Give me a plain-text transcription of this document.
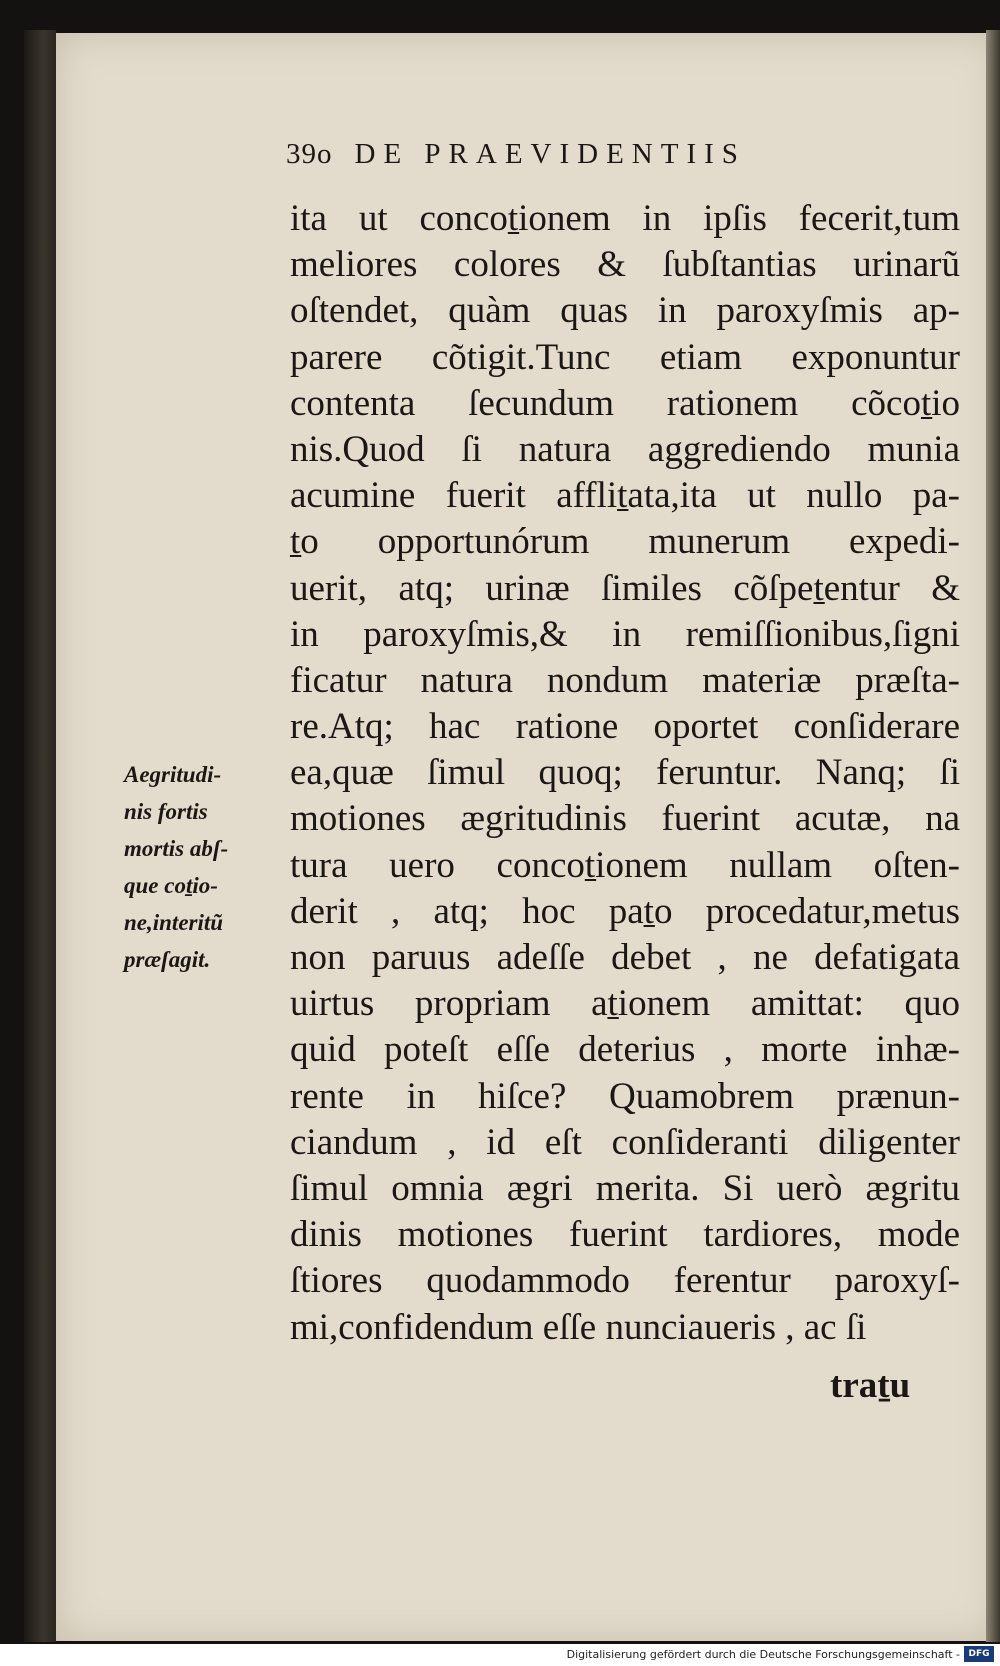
39o DE PRAEVIDENTIIS
ita ut concoṯionem in ipſis fecerit,tum
meliores colores & ſubſtantias urinarũ
oſtendet, quàm quas in paroxyſmis ap-
parere cõtigit.Tunc etiam exponuntur
contenta ſecundum rationem cõcoṯio
nis.Quod ſi natura aggrediendo munia
acumine fuerit affliṯata,ita ut nullo pa-
ṯo opportunórum munerum expedi-
uerit, atq; urinæ ſimiles cõſpeṯentur &
in paroxyſmis,& in remiſſionibus,ſigni
ficatur natura nondum materiæ præſta-
re.Atq; hac ratione oportet conſiderare
ea,quæ ſimul quoq; feruntur. Nanq; ſi
motiones ægritudinis fuerint acutæ, na
tura uero concoṯionem nullam oſten-
derit , atq; hoc paṯo procedatur,metus
non paruus adeſſe debet , ne defatigata
uirtus propriam aṯionem amittat: quo
quid poteſt eſſe deterius , morte inhæ-
rente in hiſce? Quamobrem prænun-
ciandum , id eſt conſideranti diligenter
ſimul omnia ægri merita. Si uerò ægritu
dinis motiones fuerint tardiores, mode
ſtiores quodammodo ferentur paroxyſ-
mi,confidendum eſſe nunciaueris , ac ſi
traṯu
Aegritudi-
nis fortis
mortis abſ-
que coṯio-
ne,interitũ
præſagit.
Digitalisierung gefördert durch die Deutsche Forschungsgemeinschaft - DFG
